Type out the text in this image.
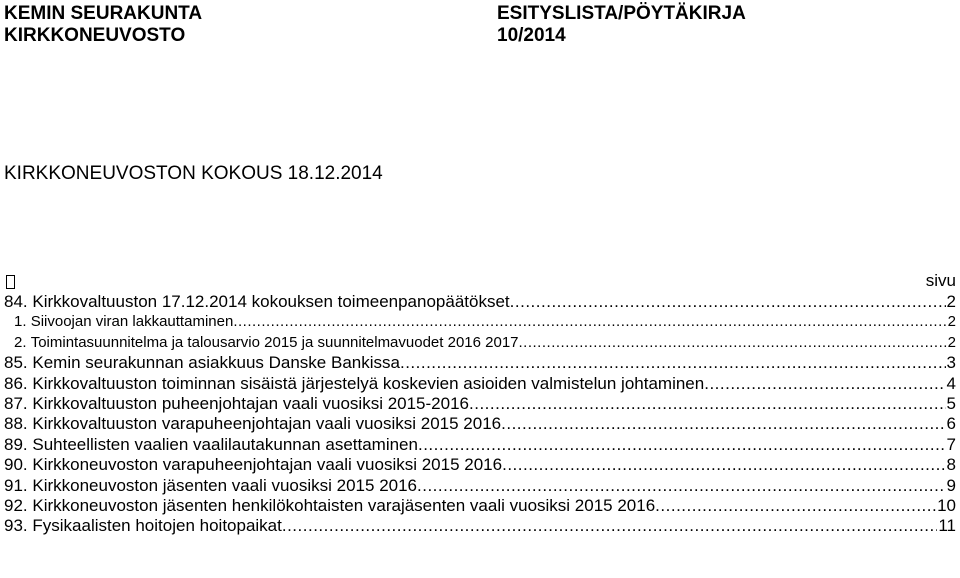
KEMIN SEURAKUNTA
KIRKKONEUVOSTO
ESITYSLISTA/PÖYTÄKIRJA
10/2014
KIRKKONEUVOSTON KOKOUS 18.12.2014
sivu
84.
Kirkkovaltuuston 17.12.2014 kokouksen toimeenpanopäätökset .....	2
1.
Siivoojan viran lakkauttaminen .....	2
2.
Toimintasuunnitelma ja talousarvio 2015 ja suunnitelmavuodet 2016 2017 .....	2
85.
Kemin seurakunnan asiakkuus Danske Bankissa .....	3
86.
Kirkkovaltuuston toiminnan sisäistä järjestelyä koskevien asioiden valmistelun johtaminen .....	4
87.
Kirkkovaltuuston puheenjohtajan vaali vuosiksi 2015-2016 .....	5
88.
Kirkkovaltuuston varapuheenjohtajan vaali vuosiksi 2015 2016 .....	6
89.
Suhteellisten vaalien vaalilautakunnan asettaminen .....	7
90.
Kirkkoneuvoston varapuheenjohtajan vaali vuosiksi 2015 2016 .....	8
91.
Kirkkoneuvoston jäsenten vaali vuosiksi 2015 2016 .....	9
92.
Kirkkoneuvoston jäsenten henkilökohtaisten varajäsenten vaali vuosiksi 2015 2016 .....	10
93.
Fysikaalisten hoitojen hoitopaikat .....	11
